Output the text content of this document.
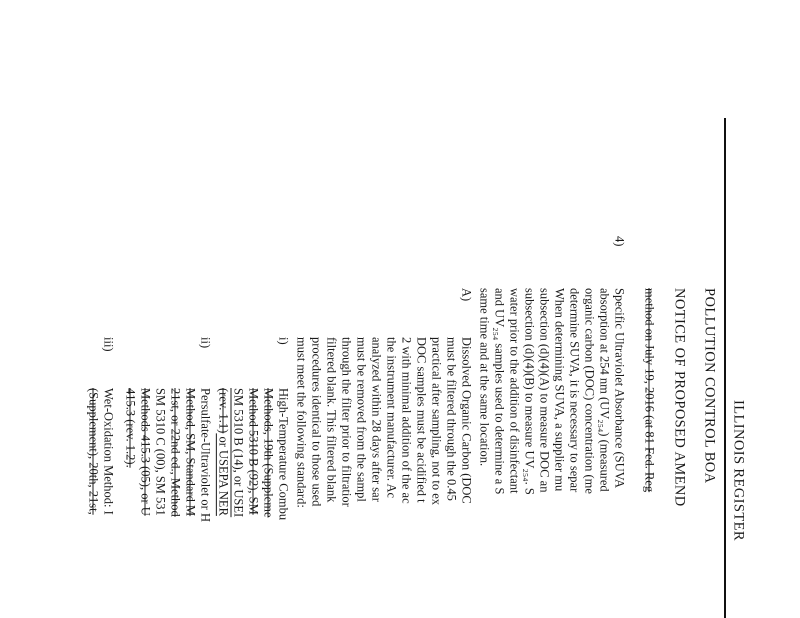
ILLINOIS REGISTER
POLLUTION CONTROL BOA
NOTICE OF PROPOSED AMEND
method on July 19, 2016 (at 81 Fed. Reg
4)
Specific Ultraviolet Absorbance (SUVA
absorption at 254 nm (UV₂₅₄) (measured
organic carbon (DOC) concentration (me
determine SUVA, it is necessary to separ
When determining SUVA, a supplier mu
subsection (d)(4)(A) to measure DOC an
subsection (d)(4)(B) to measure UV₂₅₄. S
water prior to the addition of disinfectant
and UV₂₅₄ samples used to determine a S
same time and at the same location.
A)
Dissolved Organic Carbon (DOC
must be filtered through the 0.45
practical after sampling, not to ex
DOC samples must be acidified t
2 with minimal addition of the ac
the instrument manufacturer. Ac
analyzed within 28 days after sar
must be removed from the sampl
through the filter prior to filtratior
filtered blank. This filtered blank
procedures identical to those used
must meet the following standard:
i)
High-Temperature Combu
Methods, 19th (Suppleme
Method 5310 B (92), SM
SM 5310 B (14), or USEI
(rev. 1.1) or USEPA NER
ii)
Persulfate-Ultraviolet or H
Method, SM, Standard M
21st, or 22nd ed., Method
SM 5310 C (00), SM 531
Methods 415.3 (05), or U
415.3 (rev. 1.2).
iii)
Wet-Oxidation Method: I
(Supplement), 20th, 21st,
